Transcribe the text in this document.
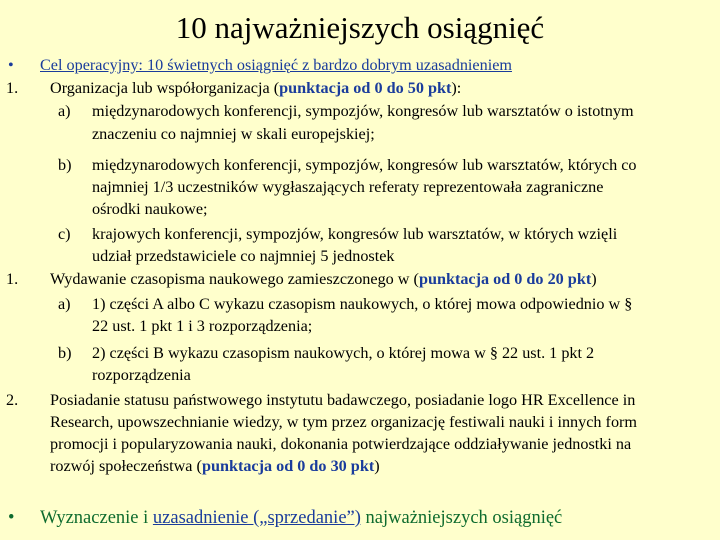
10 najważniejszych osiągnięć
• Cel operacyjny: 10 świetnych osiągnięć z bardzo dobrym uzasadnieniem
1. Organizacja lub współorganizacja (punktacja od 0 do 50 pkt):
a) międzynarodowych konferencji, sympozjów, kongresów lub warsztatów o istotnym
znaczeniu co najmniej w skali europejskiej;
b) międzynarodowych konferencji, sympozjów, kongresów lub warsztatów, których co
najmniej 1/3 uczestników wygłaszających referaty reprezentowała zagraniczne
ośrodki naukowe;
c) krajowych konferencji, sympozjów, kongresów lub warsztatów, w których wzięli
udział przedstawiciele co najmniej 5 jednostek
1. Wydawanie czasopisma naukowego zamieszczonego w (punktacja od 0 do 20 pkt)
a) 1) części A albo C wykazu czasopism naukowych, o której mowa odpowiednio w §
22 ust. 1 pkt 1 i 3 rozporządzenia;
b) 2) części B wykazu czasopism naukowych, o której mowa w § 22 ust. 1 pkt 2
rozporządzenia
2. Posiadanie statusu państwowego instytutu badawczego, posiadanie logo HR Excellence in
Research, upowszechnianie wiedzy, w tym przez organizację festiwali nauki i innych form
promocji i popularyzowania nauki, dokonania potwierdzające oddziaływanie jednostki na
rozwój społeczeństwa (punktacja od 0 do 30 pkt)
• Wyznaczenie i uzasadnienie („sprzedanie”) najważniejszych osiągnięć
